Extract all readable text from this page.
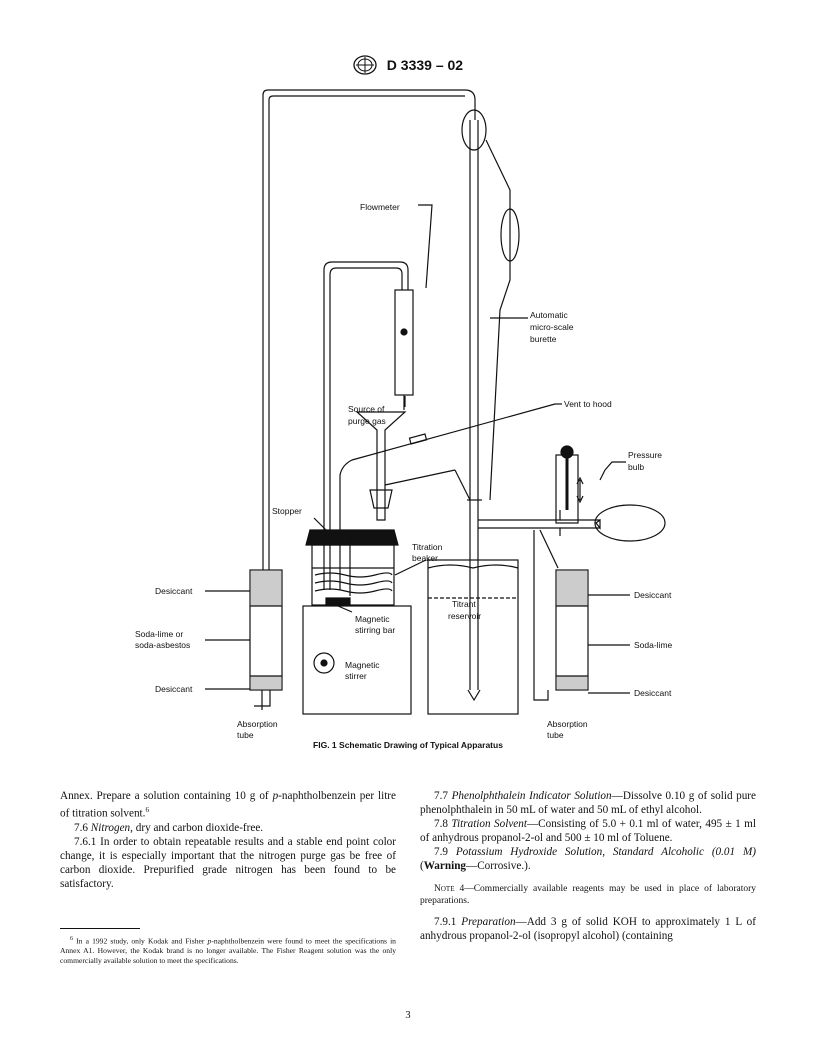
D 3339 – 02
Flowmeter
Automatic
micro-scale
burette
Vent to hood
Source of
purge gas
Pressure
bulb
Stopper
Titration
beaker
Desiccant
Soda-lime or
soda-asbestos
Desiccant
Magnetic
stirring bar
Magnetic
stirrer
Titrant
reservoir
Desiccant
Soda-lime
Desiccant
Absorption
tube
Absorption
tube
FIG. 1 Schematic Drawing of Typical Apparatus

Annex. Prepare a solution containing 10 g of p-naphtholbenzein per litre of titration solvent.$^6$

7.6 Nitrogen, dry and carbon dioxide-free.

7.6.1 In order to obtain repeatable results and a stable end point color change, it is especially important that the nitrogen purge gas be free of carbon dioxide. Prepurified grade nitrogen has been found to be satisfactory.

$^6$ In a 1992 study, only Kodak and Fisher p-naphtholbenzein were found to meet the specifications in Annex A1. However, the Kodak brand is no longer available. The Fisher Reagent solution was the only commercially available solution to meet the specifications.

7.7 Phenolphthalein Indicator Solution—Dissolve 0.10 g of solid pure phenolphthalein in 50 mL of water and 50 mL of ethyl alcohol.

7.8 Titration Solvent—Consisting of 5.0 + 0.1 ml of water, 495 ± 1 ml of anhydrous propanol-2-ol and 500 ± 10 ml of Toluene.

7.9 Potassium Hydroxide Solution, Standard Alcoholic (0.01 M) (Warning—Corrosive.).

Note 4—Commercially available reagents may be used in place of laboratory preparations.

7.9.1 Preparation—Add 3 g of solid KOH to approximately 1 L of anhydrous propanol-2-ol (isopropyl alcohol) (containing

3
